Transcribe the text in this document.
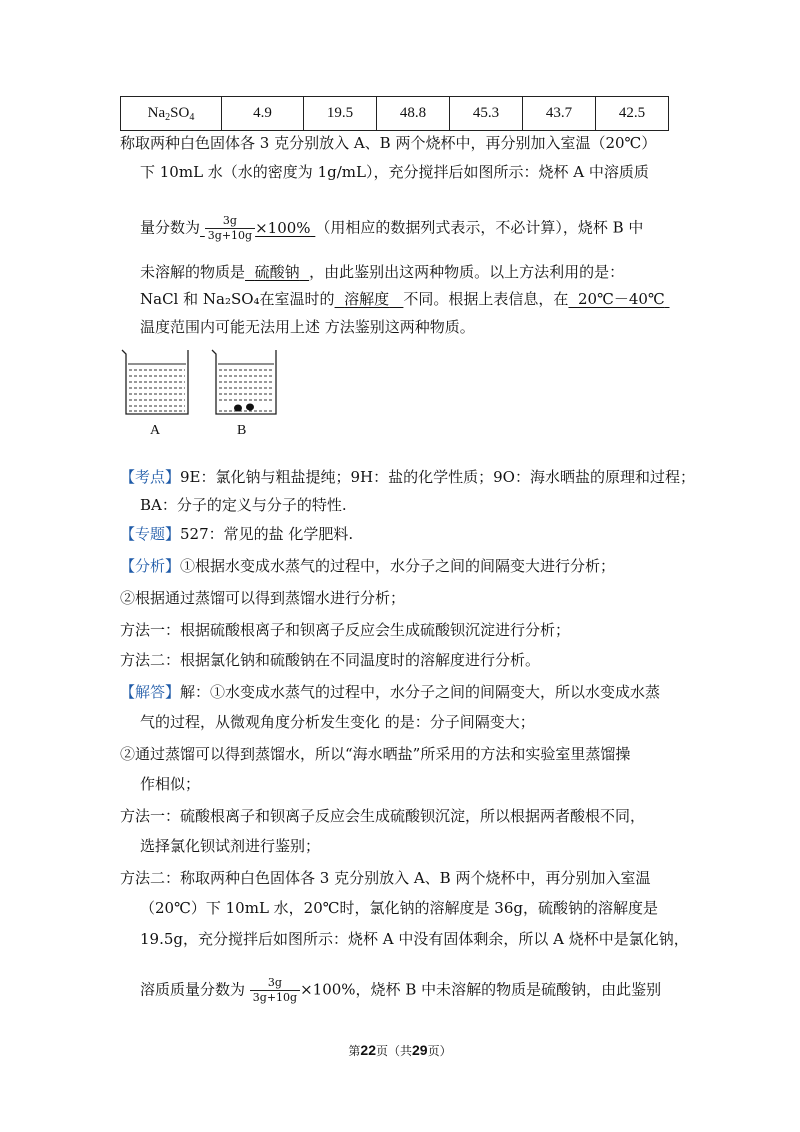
$Na_2SO_4$	4.9	19.5	48.8	45.3	43.7	42.5
称取两种白色固体各 3 克分别放入 A、B 两个烧杯中，再分别加入室温（20℃）
下 10mL 水（水的密度为 1g/mL），充分搅拌后如图所示：烧杯 A 中溶质质
量分数为 $\frac{3g}{3g+10g} \times 100\%$ （用相应的数据列式表示，不必计算），烧杯 B 中
未溶解的物质是 硫酸钠 ，由此鉴别出这两种物质。以上方法利用的是：
NaCl 和 Na₂SO₄在室温时的 溶解度 不同。根据上表信息，在 20℃－40℃
温度范围内可能无法用上述 方法鉴别这两种物质。
A	B
【考点】9E：氯化钠与粗盐提纯；9H：盐的化学性质；9O：海水晒盐的原理和过程；
BA：分子的定义与分子的特性.
【专题】527：常见的盐 化学肥料.
【分析】①根据水变成水蒸气的过程中，水分子之间的间隔变大进行分析；
②根据通过蒸馏可以得到蒸馏水进行分析；
方法一：根据硫酸根离子和钡离子反应会生成硫酸钡沉淀进行分析；
方法二：根据氯化钠和硫酸钠在不同温度时的溶解度进行分析。
【解答】解：①水变成水蒸气的过程中，水分子之间的间隔变大，所以水变成水蒸
气的过程，从微观角度分析发生变化 的是：分子间隔变大；
②通过蒸馏可以得到蒸馏水，所以“海水晒盐”所采用的方法和实验室里蒸馏操
作相似；
方法一：硫酸根离子和钡离子反应会生成硫酸钡沉淀，所以根据两者酸根不同，
选择氯化钡试剂进行鉴别；
方法二：称取两种白色固体各 3 克分别放入 A、B 两个烧杯中，再分别加入室温
（20℃）下 10mL 水，20℃时，氯化钠的溶解度是 36g，硫酸钠的溶解度是
19.5g，充分搅拌后如图所示：烧杯 A 中没有固体剩余，所以 A 烧杯中是氯化钠，
溶质质量分数为 $\frac{3g}{3g+10g} \times 100\%$，烧杯 B 中未溶解的物质是硫酸钠，由此鉴别
第22页（共29页）
